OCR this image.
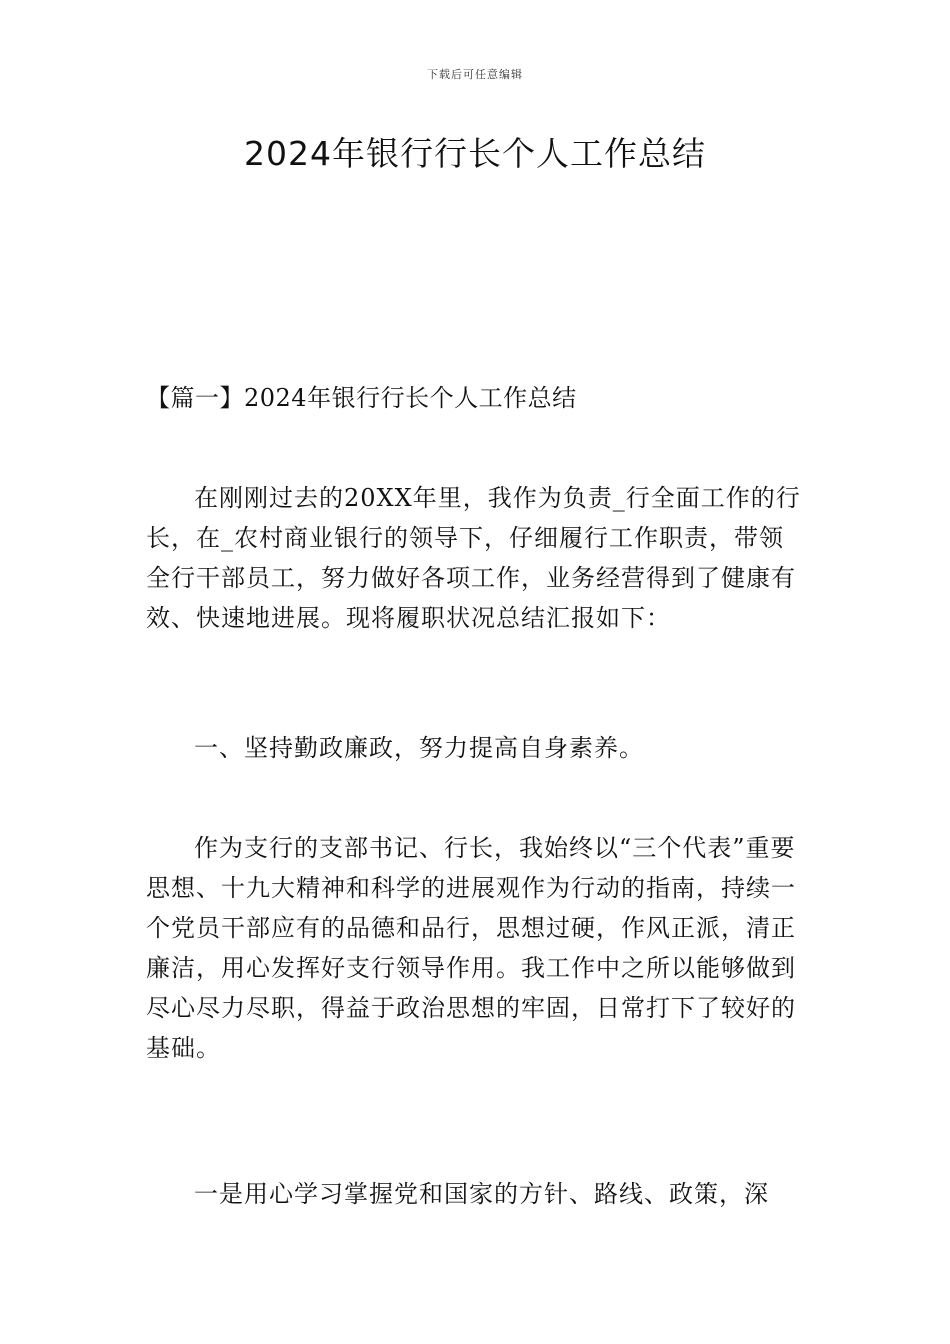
下载后可任意编辑
2024年银行行长个人工作总结

【篇一】2024年银行行长个人工作总结

在刚刚过去的20XX年里，我作为负责_行全面工作的行长，在_农村商业银行的领导下，仔细履行工作职责，带领全行干部员工，努力做好各项工作，业务经营得到了健康有效、快速地进展。现将履职状况总结汇报如下：

一、坚持勤政廉政，努力提高自身素养。

作为支行的支部书记、行长，我始终以“三个代表”重要思想、十九大精神和科学的进展观作为行动的指南，持续一个党员干部应有的品德和品行，思想过硬，作风正派，清正廉洁，用心发挥好支行领导作用。我工作中之所以能够做到尽心尽力尽职，得益于政治思想的牢固，日常打下了较好的基础。

一是用心学习掌握党和国家的方针、路线、政策，深
